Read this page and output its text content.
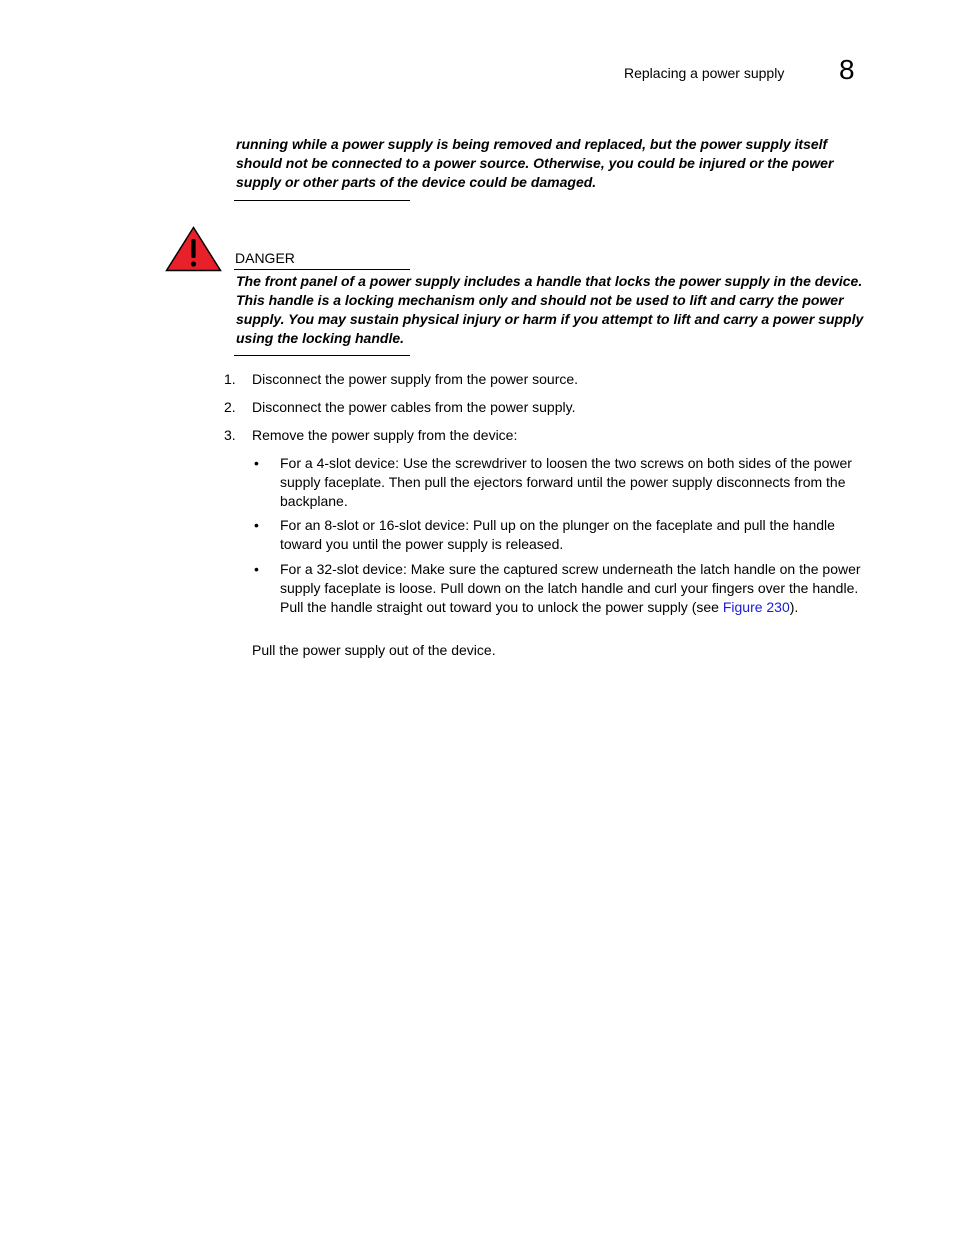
Replacing a power supply 8
running while a power supply is being removed and replaced, but the power supply itself should not be connected to a power source. Otherwise, you could be injured or the power supply or other parts of the device could be damaged.
DANGER
The front panel of a power supply includes a handle that locks the power supply in the device. This handle is a locking mechanism only and should not be used to lift and carry the power supply. You may sustain physical injury or harm if you attempt to lift and carry a power supply using the locking handle.
1. Disconnect the power supply from the power source.
2. Disconnect the power cables from the power supply.
3. Remove the power supply from the device:
• For a 4-slot device: Use the screwdriver to loosen the two screws on both sides of the power supply faceplate. Then pull the ejectors forward until the power supply disconnects from the backplane.
• For an 8-slot or 16-slot device: Pull up on the plunger on the faceplate and pull the handle toward you until the power supply is released.
• For a 32-slot device: Make sure the captured screw underneath the latch handle on the power supply faceplate is loose. Pull down on the latch handle and curl your fingers over the handle. Pull the handle straight out toward you to unlock the power supply (see Figure 230).
Pull the power supply out of the device.
